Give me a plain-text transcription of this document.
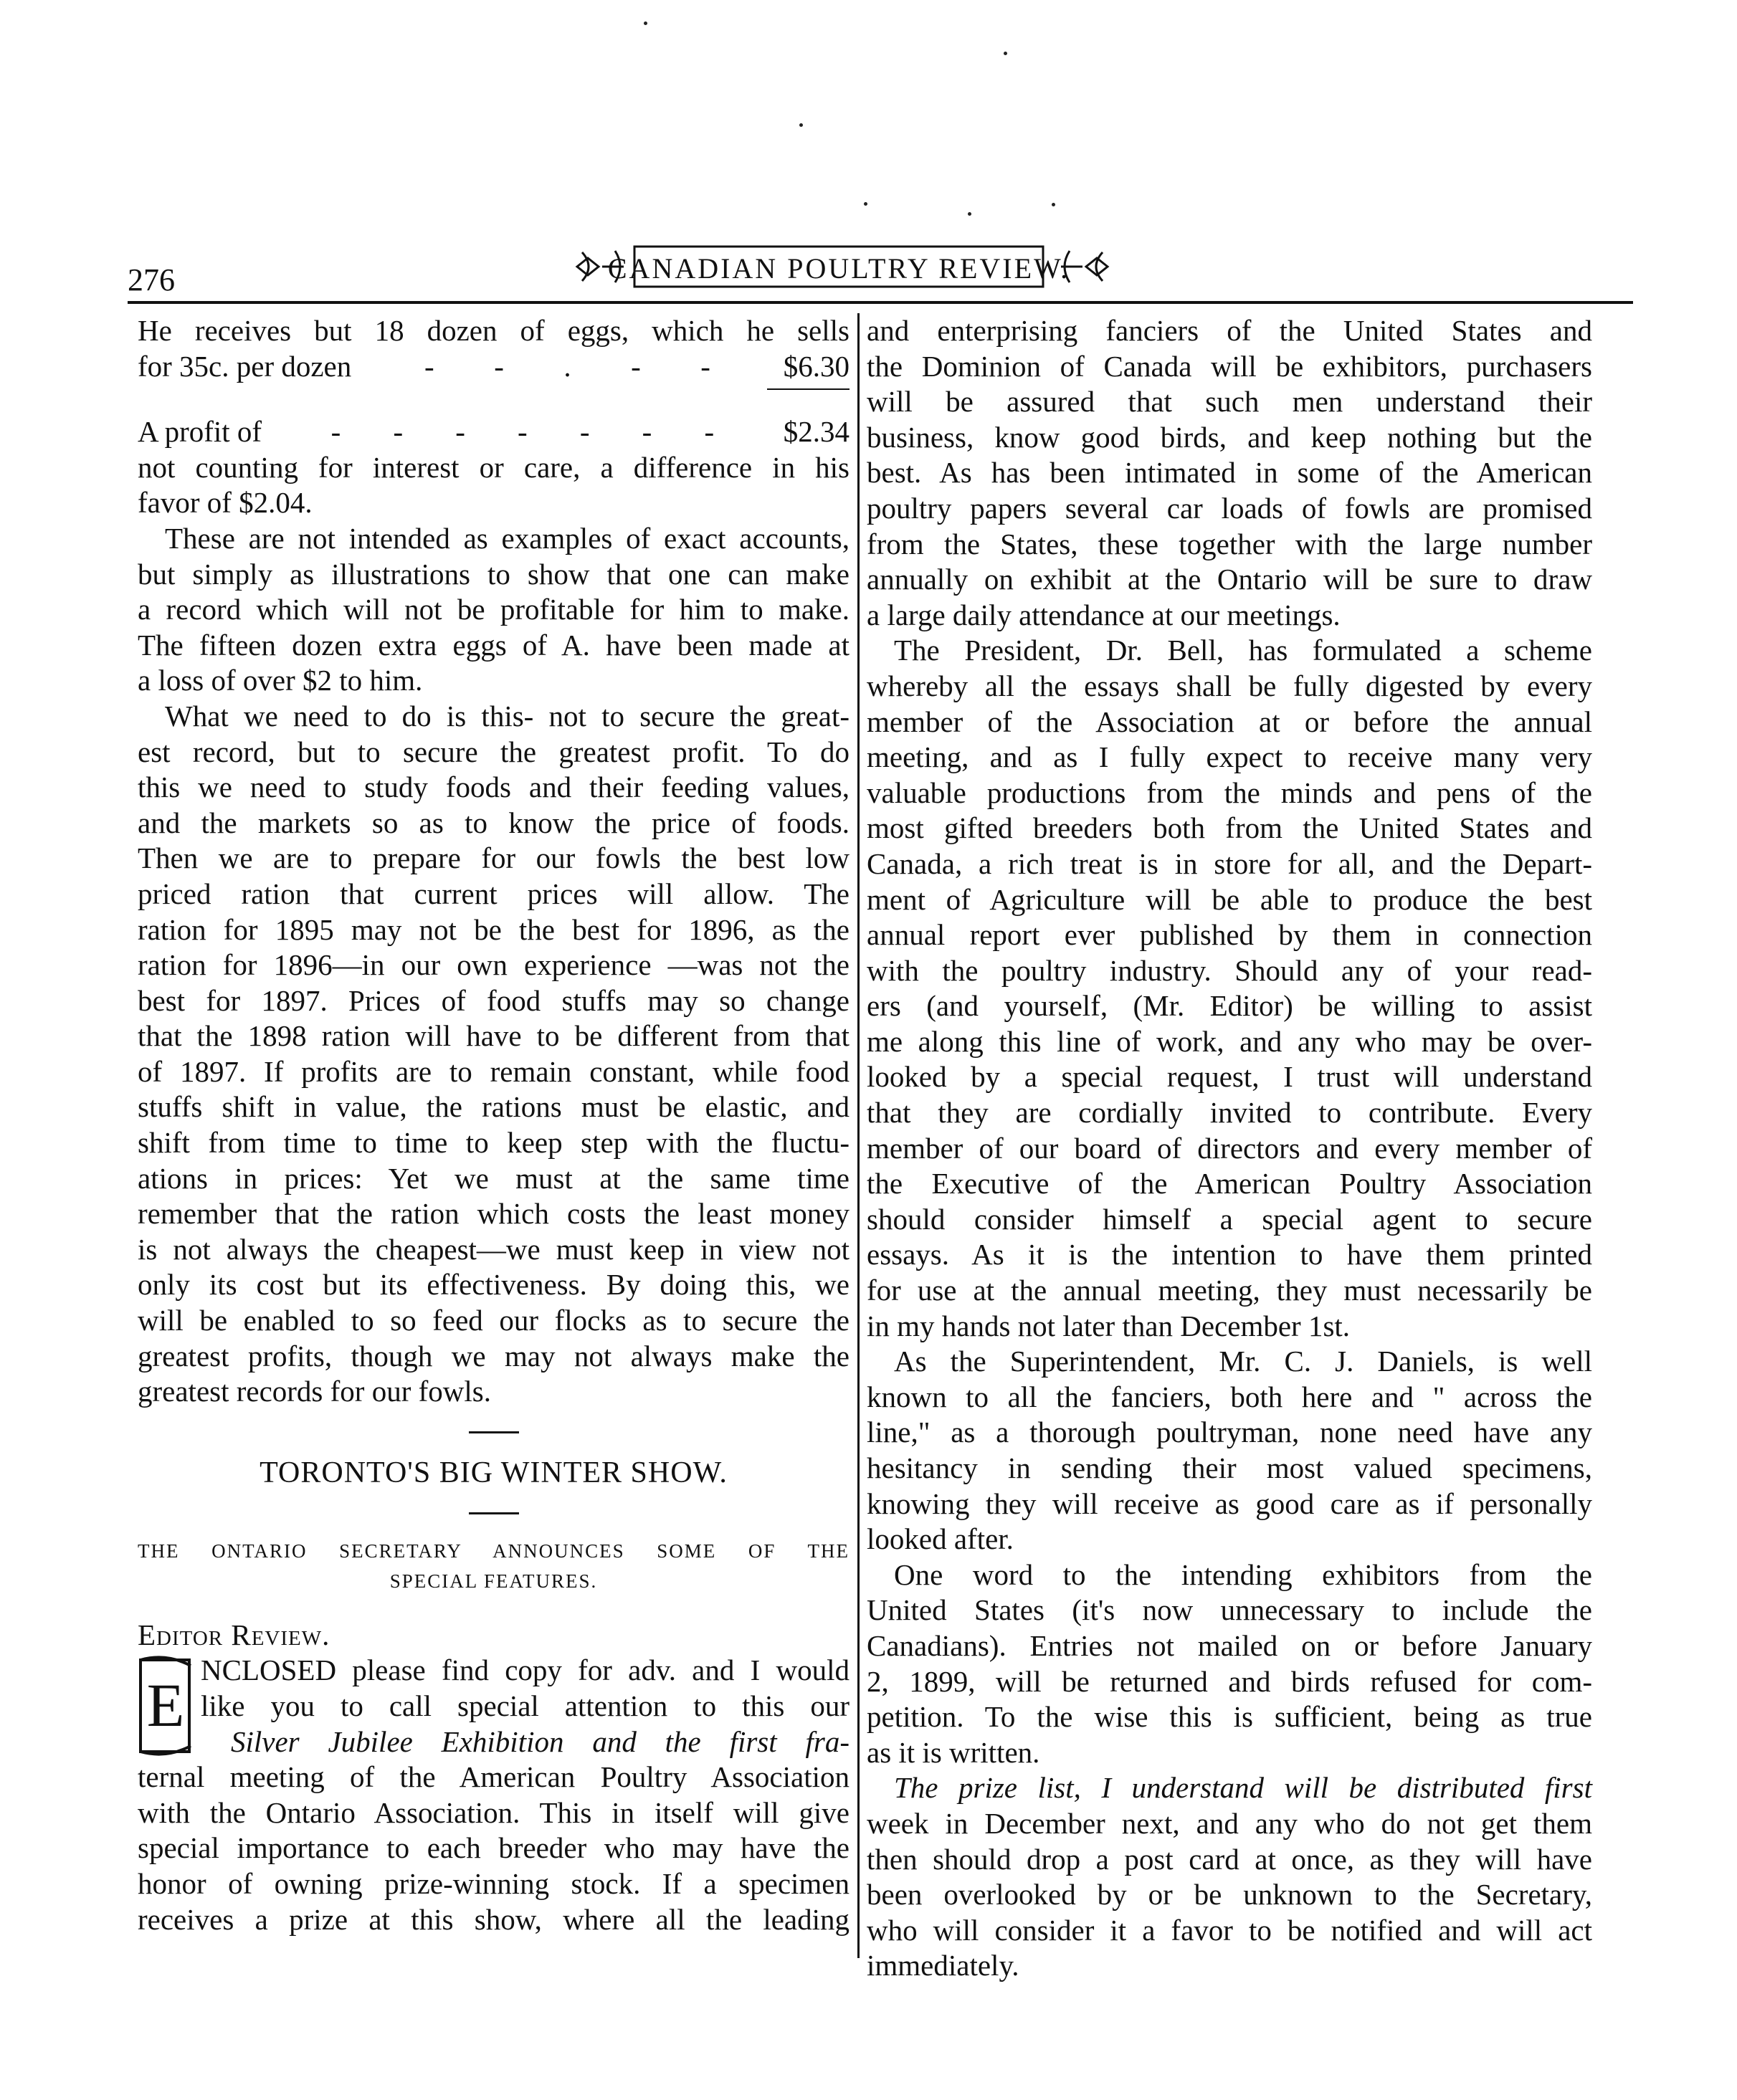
276	CANADIAN POULTRY REVIEW.
He receives but 18 dozen of eggs, which he sells
for 35c. per dozen - - . - - $6.30
A profit of - - - - - - - $2.34
not counting for interest or care, a difference in his
favor of $2.04.
These are not intended as examples of exact accounts,
but simply as illustrations to show that one can make
a record which will not be profitable for him to make.
The fifteen dozen extra eggs of A. have been made at
a loss of over $2 to him.
What we need to do is this- not to secure the great-
est record, but to secure the greatest profit. To do
this we need to study foods and their feeding values,
and the markets so as to know the price of foods.
Then we are to prepare for our fowls the best low
priced ration that current prices will allow. The
ration for 1895 may not be the best for 1896, as the
ration for 1896—in our own experience —was not the
best for 1897. Prices of food stuffs may so change
that the 1898 ration will have to be different from that
of 1897. If profits are to remain constant, while food
stuffs shift in value, the rations must be elastic, and
shift from time to time to keep step with the fluctu-
ations in prices: Yet we must at the same time
remember that the ration which costs the least money
is not always the cheapest—we must keep in view not
only its cost but its effectiveness. By doing this, we
will be enabled to so feed our flocks as to secure the
greatest profits, though we may not always make the
greatest records for our fowls.
TORONTO'S BIG WINTER SHOW.
THE ONTARIO SECRETARY ANNOUNCES SOME OF THE
SPECIAL FEATURES.
Editor Review.
E
NCLOSED please find copy for adv. and I would
like you to call special attention to this our
Silver Jubilee Exhibition and the first fra-
ternal meeting of the American Poultry Association
with the Ontario Association. This in itself will give
special importance to each breeder who may have the
honor of owning prize-winning stock. If a specimen
receives a prize at this show, where all the leading
and enterprising fanciers of the United States and
the Dominion of Canada will be exhibitors, purchasers
will be assured that such men understand their
business, know good birds, and keep nothing but the
best. As has been intimated in some of the American
poultry papers several car loads of fowls are promised
from the States, these together with the large number
annually on exhibit at the Ontario will be sure to draw
a large daily attendance at our meetings.
The President, Dr. Bell, has formulated a scheme
whereby all the essays shall be fully digested by every
member of the Association at or before the annual
meeting, and as I fully expect to receive many very
valuable productions from the minds and pens of the
most gifted breeders both from the United States and
Canada, a rich treat is in store for all, and the Depart-
ment of Agriculture will be able to produce the best
annual report ever published by them in connection
with the poultry industry. Should any of your read-
ers (and yourself, (Mr. Editor) be willing to assist
me along this line of work, and any who may be over-
looked by a special request, I trust will understand
that they are cordially invited to contribute. Every
member of our board of directors and every member of
the Executive of the American Poultry Association
should consider himself a special agent to secure
essays. As it is the intention to have them printed
for use at the annual meeting, they must necessarily be
in my hands not later than December 1st.
As the Superintendent, Mr. C. J. Daniels, is well
known to all the fanciers, both here and " across the
line," as a thorough poultryman, none need have any
hesitancy in sending their most valued specimens,
knowing they will receive as good care as if personally
looked after.
One word to the intending exhibitors from the
United States (it's now unnecessary to include the
Canadians). Entries not mailed on or before January
2, 1899, will be returned and birds refused for com-
petition. To the wise this is sufficient, being as true
as it is written.
The prize list, I understand will be distributed first
week in December next, and any who do not get them
then should drop a post card at once, as they will have
been overlooked by or be unknown to the Secretary,
who will consider it a favor to be notified and will act
immediately.
